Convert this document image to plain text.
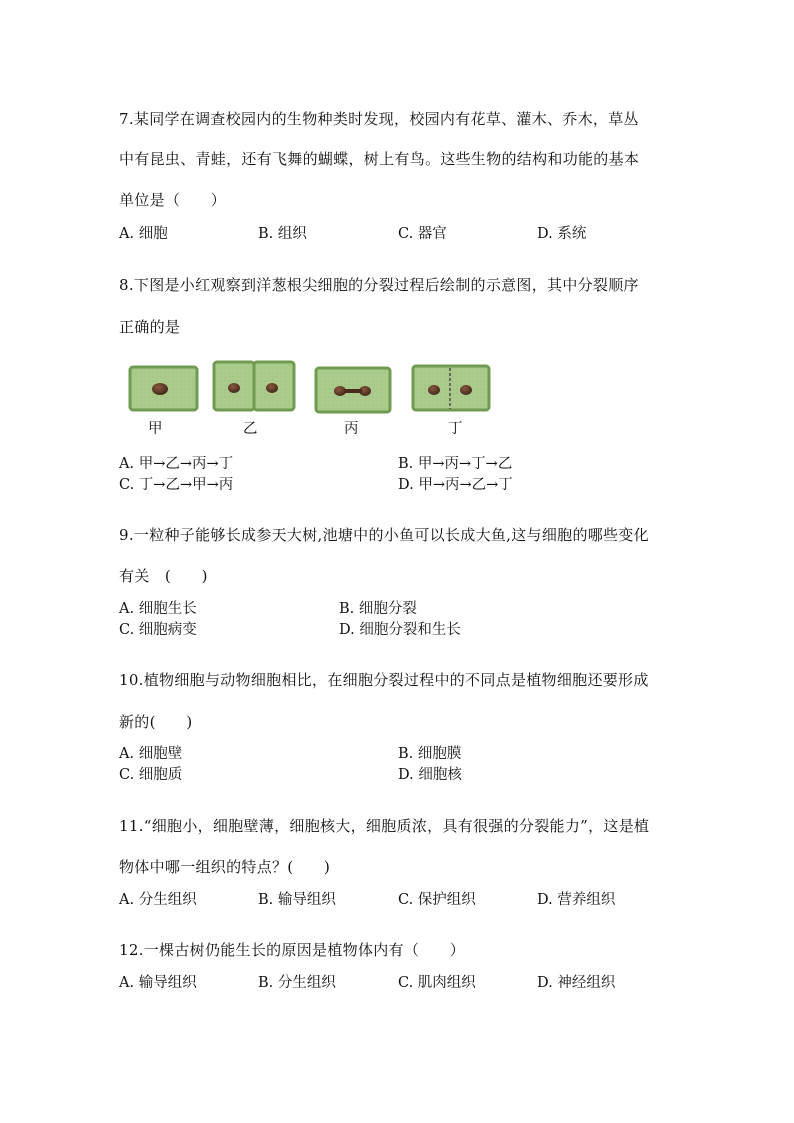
7.某同学在调查校园内的生物种类时发现，校园内有花草、灌木、乔木，草丛
中有昆虫、青蛙，还有飞舞的蝴蝶，树上有鸟。这些生物的结构和功能的基本
单位是（　　）
A. 细胞	B. 组织	C. 器官	D. 系统
8.下图是小红观察到洋葱根尖细胞的分裂过程后绘制的示意图，其中分裂顺序
正确的是
甲	乙	丙	丁
A. 甲→乙→丙→丁	B. 甲→丙→丁→乙
C. 丁→乙→甲→丙	D. 甲→丙→乙→丁
9.一粒种子能够长成参天大树,池塘中的小鱼可以长成大鱼,这与细胞的哪些变化
有关　(　　)
A. 细胞生长	B. 细胞分裂
C. 细胞病变	D. 细胞分裂和生长
10.植物细胞与动物细胞相比，在细胞分裂过程中的不同点是植物细胞还要形成
新的(　　)
A. 细胞壁	B. 细胞膜
C. 细胞质	D. 细胞核
11.“细胞小，细胞壁薄，细胞核大，细胞质浓，具有很强的分裂能力”，这是植
物体中哪一组织的特点？(　　)
A. 分生组织	B. 输导组织	C. 保护组织	D. 营养组织
12.一棵古树仍能生长的原因是植物体内有（　　）
A. 输导组织	B. 分生组织	C. 肌肉组织	D. 神经组织
